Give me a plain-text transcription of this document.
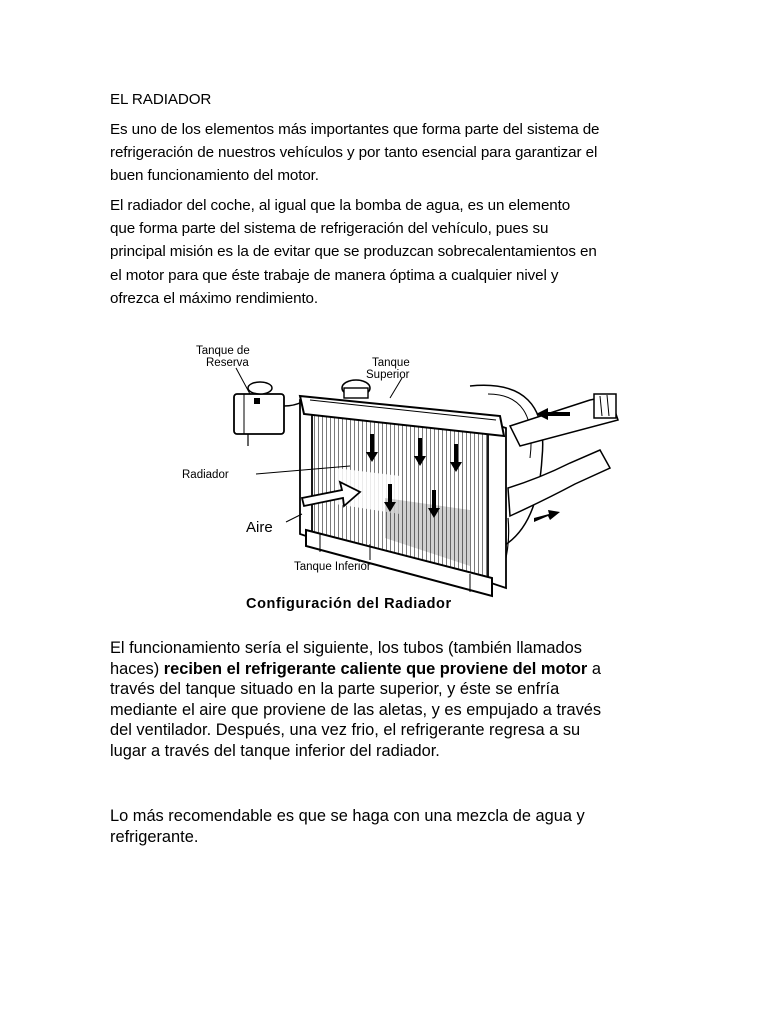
EL RADIADOR
Es uno de los elementos más importantes que forma parte del sistema de
refrigeración de nuestros vehículos y por tanto esencial para garantizar el
buen funcionamiento del motor.
El radiador del coche, al igual que la bomba de agua, es un elemento
que forma parte del sistema de refrigeración del vehículo, pues su
principal misión es la de evitar que se produzcan sobrecalentamientos en
el motor para que éste trabaje de manera óptima a cualquier nivel y
ofrezca el máximo rendimiento.
Tanque de
Reserva	Tanque
Superior
Radiador
Tanque Inferior
Aire
Configuración del Radiador
El funcionamiento sería el siguiente, los tubos (también llamados
haces) reciben el refrigerante caliente que proviene del motor a
través del tanque situado en la parte superior, y éste se enfría
mediante el aire que proviene de las aletas, y es empujado a través
del ventilador. Después, una vez frio, el refrigerante regresa a su
lugar a través del tanque inferior del radiador.
Lo más recomendable es que se haga con una mezcla de agua y
refrigerante.
